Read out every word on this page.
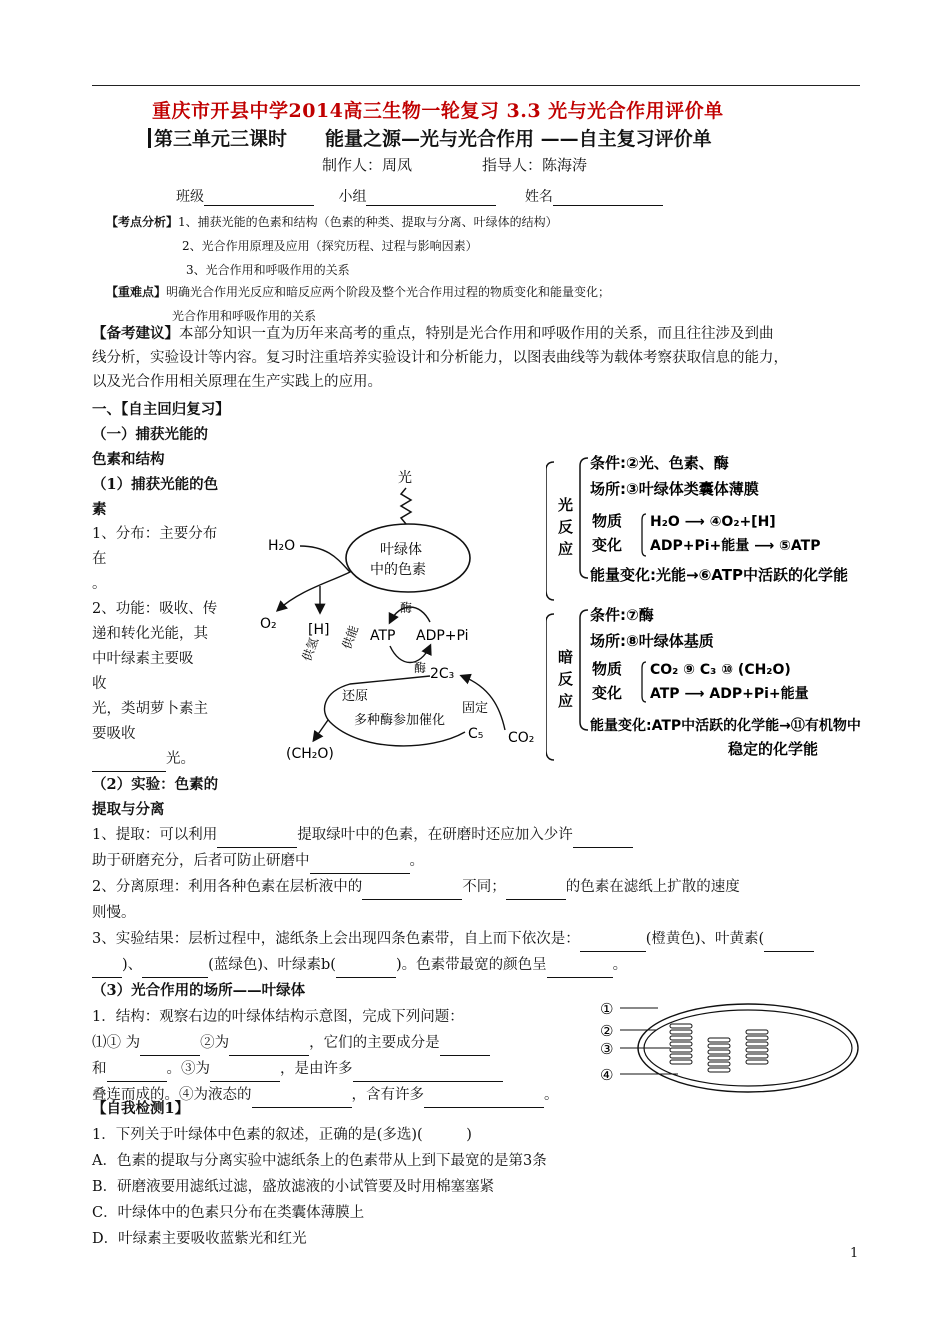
重庆市开县中学2014高三生物一轮复习 3.3 光与光合作用评价单
第三单元三课时　　能量之源—光与光合作用 ——自主复习评价单
制作人：周凤	指导人：陈海涛
班级	小组	姓名
【考点分析】1、捕获光能的色素和结构（色素的种类、提取与分离、叶绿体的结构）
2、光合作用原理及应用（探究历程、过程与影响因素）
3、光合作用和呼吸作用的关系
【重难点】明确光合作用光反应和暗反应两个阶段及整个光合作用过程的物质变化和能量变化；
光合作用和呼吸作用的关系
【备考建议】本部分知识一直为历年来高考的重点，特别是光合作用和呼吸作用的关系，而且往往涉及到曲
线分析，实验设计等内容。复习时注重培养实验设计和分析能力，以图表曲线等为载体考察获取信息的能力，
以及光合作用相关原理在生产实践上的应用。
一、【自主回归复习】
（一）捕获光能的
色素和结构
（1）捕获光能的色
素
1、分布：主要分布
在
。
2、功能：吸收、传
递和转化光能，其
中叶绿素主要吸
收
光，类胡萝卜素主
要吸收
光。
（2）实验：色素的
提取与分离
光
叶绿体
中的色素
H₂O
O₂ [H]
酶
ATP ADP+Pi
酶
供氢 供能
2C₃
还原
固定
多种酶参加催化
C₅ CO₂
(CH₂O)
光
反
应
条件:②光、色素、酶
场所:③叶绿体类囊体薄膜
物质
变化
H₂O ⟶ ④O₂+[H]
ADP+Pi+能量 ⟶ ⑤ATP
能量变化:光能→⑥ATP中活跃的化学能
暗
反
应
条件:⑦酶
场所:⑧叶绿体基质
物质
变化
CO₂ ⑨ C₃ ⑩ (CH₂O)
ATP ⟶ ADP+Pi+能量
能量变化:ATP中活跃的化学能→⑪有机物中
稳定的化学能
1、提取：可以利用	提取绿叶中的色素，在研磨时还应加入少许
助于研磨充分，后者可防止研磨中	。
2、分离原理：利用各种色素在层析液中的	不同；	的色素在滤纸上扩散的速度
则慢。
3、实验结果：层析过程中，滤纸条上会出现四条色素带，自上而下依次是：	(橙黄色)、叶黄素(
)、	(蓝绿色)、叶绿素b(	)。色素带最宽的颜色呈	。
（3）光合作用的场所——叶绿体
1．结构：观察右边的叶绿体结构示意图，完成下列问题：
⑴① 为	②为	，它们的主要成分是
和	。③为	，是由许多
叠连而成的。④为液态的	，含有许多	。
①
②
③
④
【自我检测1】
1．下列关于叶绿体中色素的叙述，正确的是(多选)(　　　)
A．色素的提取与分离实验中滤纸条上的色素带从上到下最宽的是第3条
B．研磨液要用滤纸过滤，盛放滤液的小试管要及时用棉塞塞紧
C．叶绿体中的色素只分布在类囊体薄膜上
D．叶绿素主要吸收蓝紫光和红光
1
